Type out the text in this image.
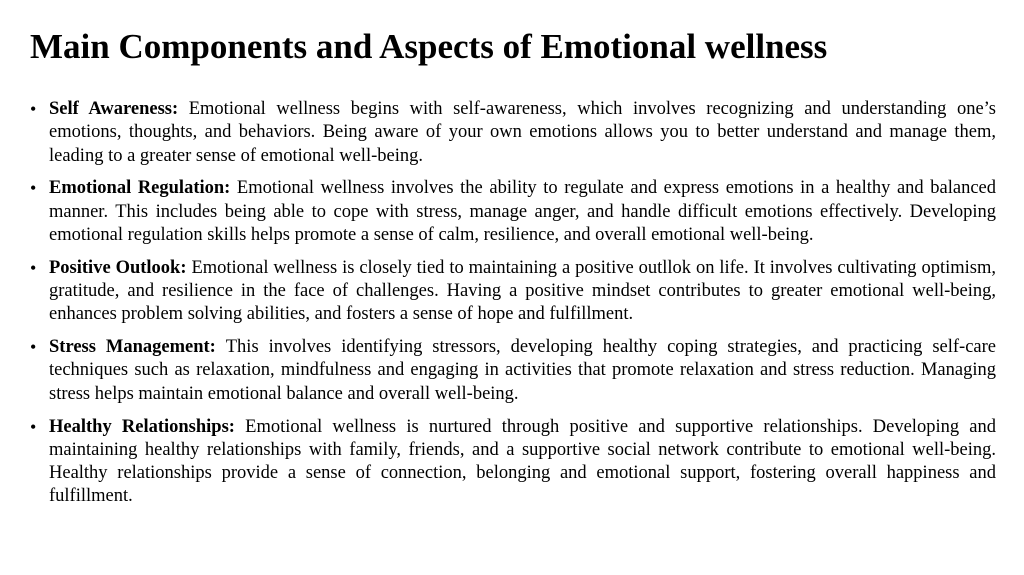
Main Components and Aspects of Emotional wellness
• Self Awareness: Emotional wellness begins with self-awareness, which involves recognizing and understanding one’s emotions, thoughts, and behaviors. Being aware of your own emotions allows you to better understand and manage them, leading to a greater sense of emotional well-being.
• Emotional Regulation: Emotional wellness involves the ability to regulate and express emotions in a healthy and balanced manner. This includes being able to cope with stress, manage anger, and handle difficult emotions effectively. Developing emotional regulation skills helps promote a sense of calm, resilience, and overall emotional well-being.
• Positive Outlook: Emotional wellness is closely tied to maintaining a positive outllok on life. It involves cultivating optimism, gratitude, and resilience in the face of challenges. Having a positive mindset contributes to greater emotional well-being, enhances problem solving abilities, and fosters a sense of hope and fulfillment.
• Stress Management: This involves identifying stressors, developing healthy coping strategies, and practicing self-care techniques such as relaxation, mindfulness and engaging in activities that promote relaxation and stress reduction. Managing stress helps maintain emotional balance and overall well-being.
• Healthy Relationships: Emotional wellness is nurtured through positive and supportive relationships. Developing and maintaining healthy relationships with family, friends, and a supportive social network contribute to emotional well-being. Healthy relationships provide a sense of connection, belonging and emotional support, fostering overall happiness and fulfillment.
